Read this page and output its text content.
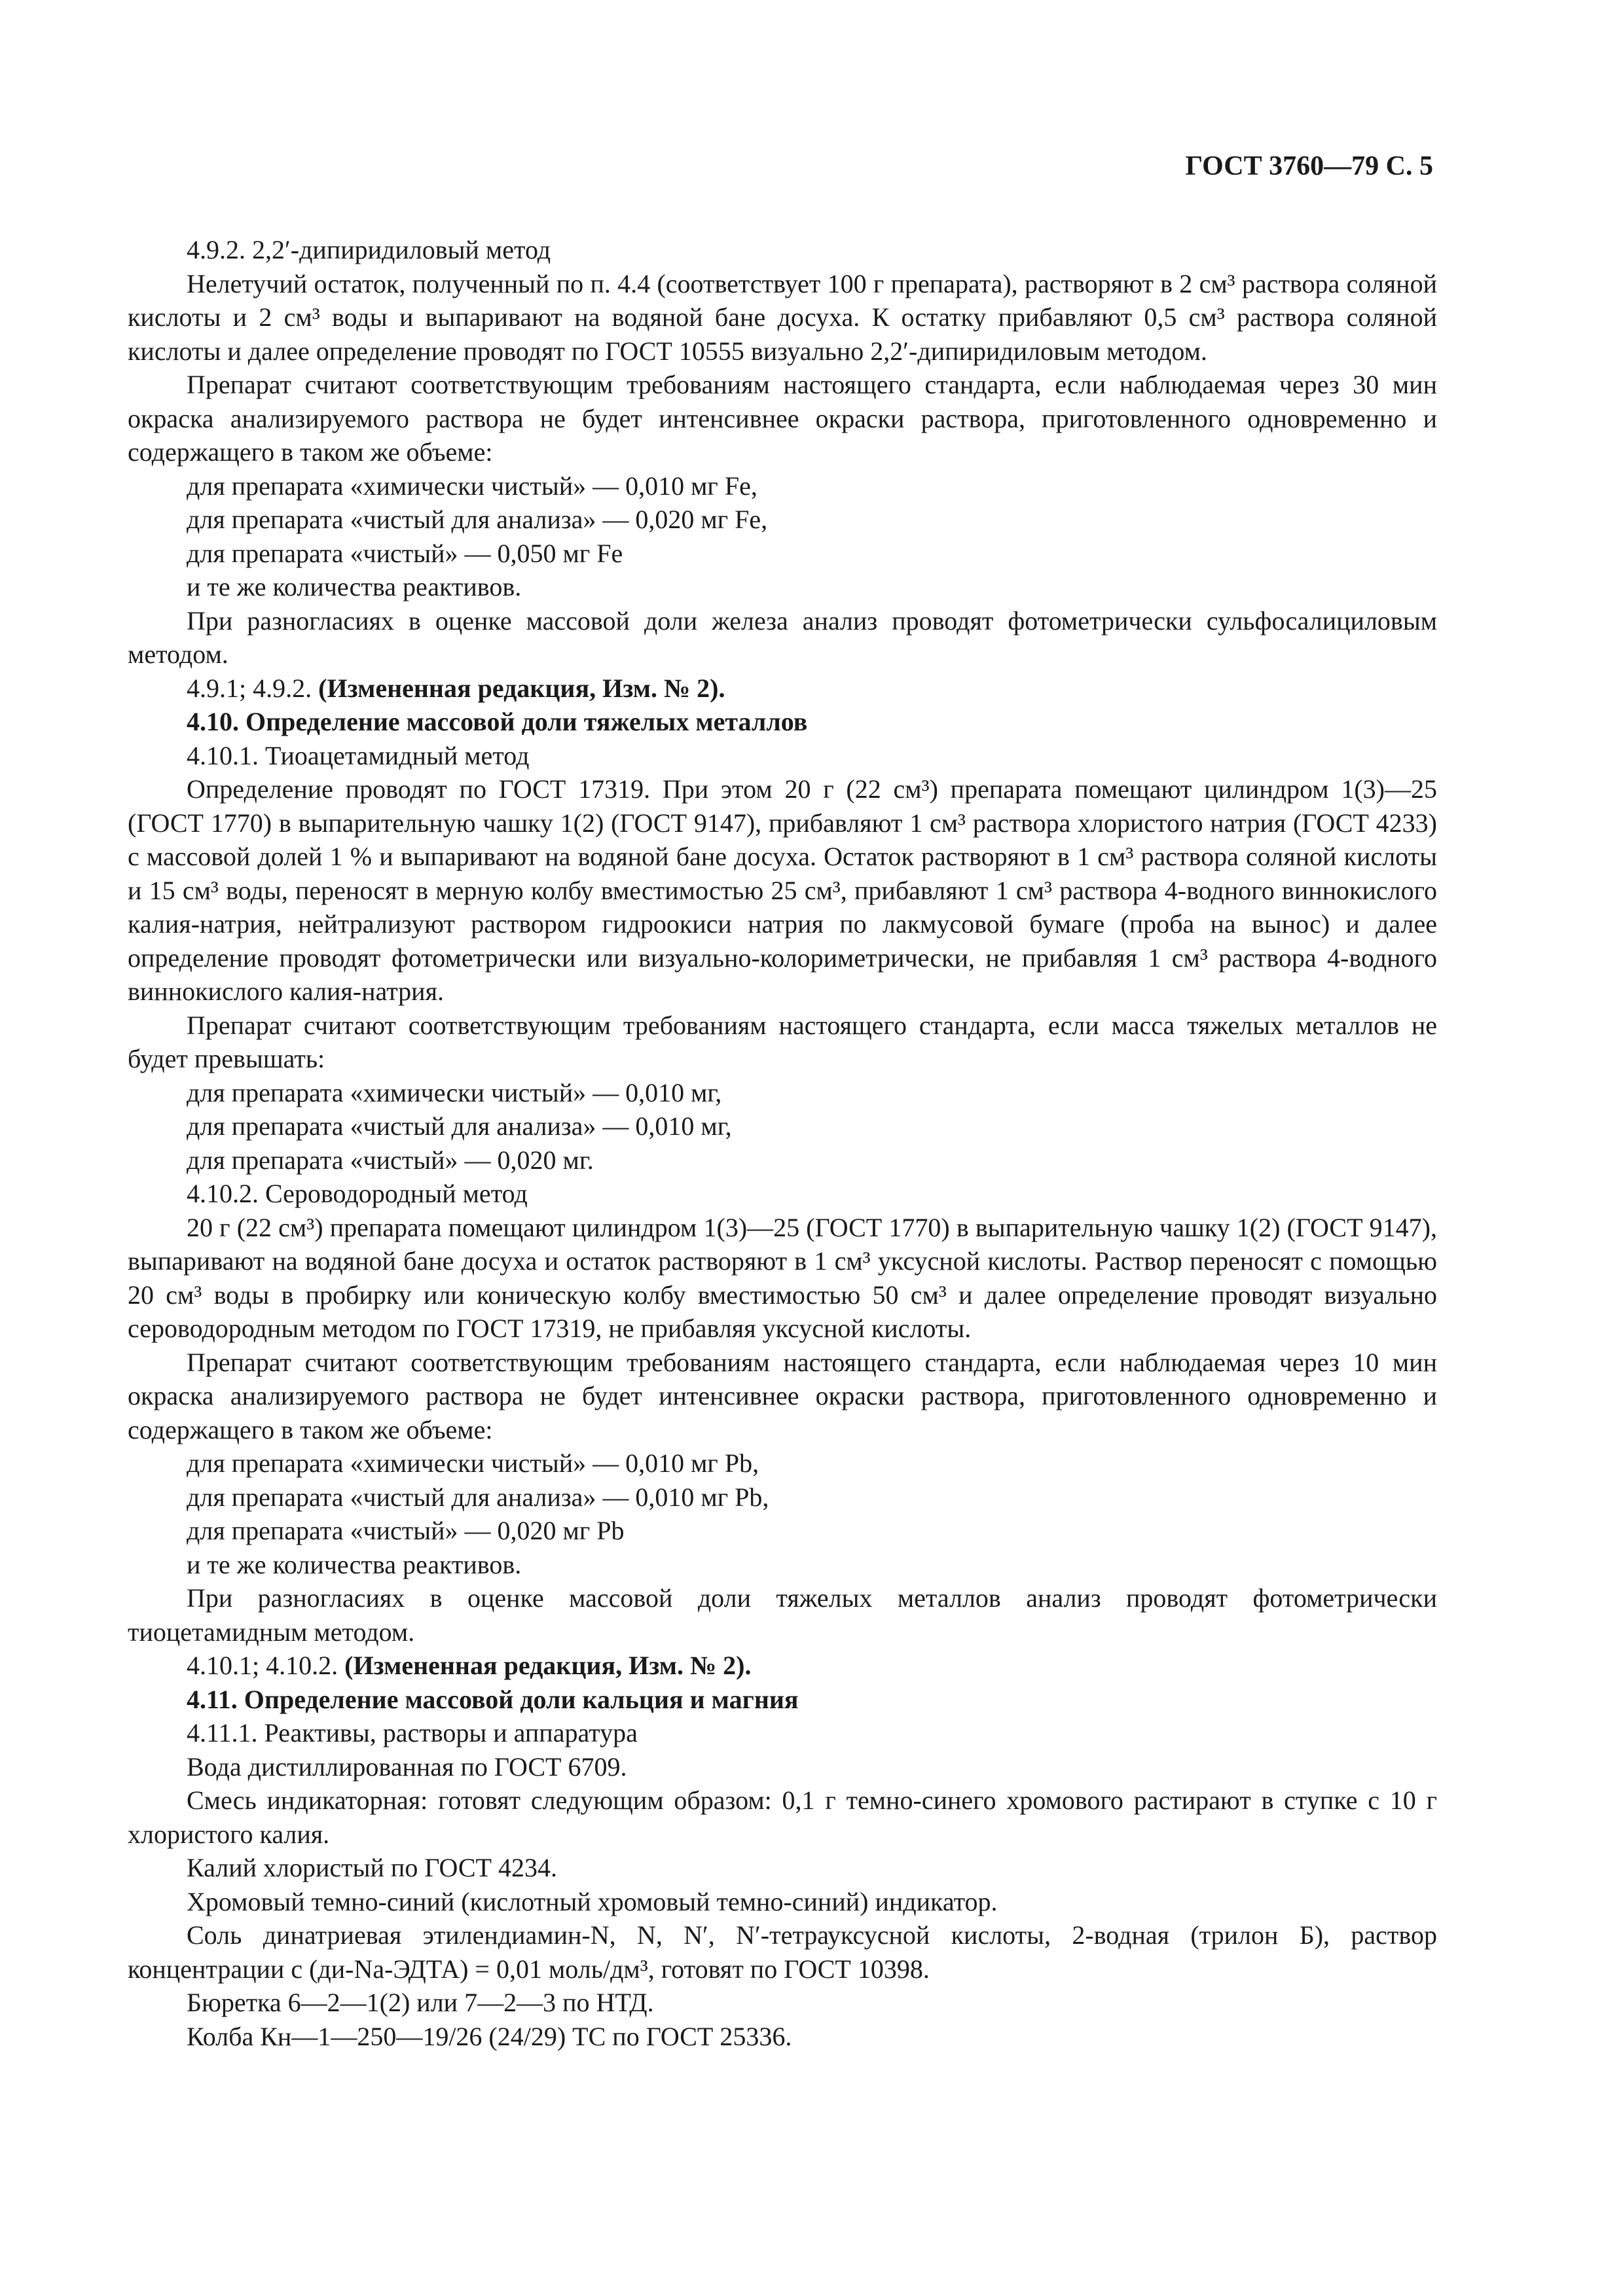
ГОСТ 3760—79 С. 5

4.9.2. 2,2′-дипиридиловый метод

Нелетучий остаток, полученный по п. 4.4 (соответствует 100 г препарата), растворяют в 2 см³ раствора соляной кислоты и 2 см³ воды и выпаривают на водяной бане досуха. К остатку прибавляют 0,5 см³ раствора соляной кислоты и далее определение проводят по ГОСТ 10555 визуально 2,2′-дипиридиловым методом.

Препарат считают соответствующим требованиям настоящего стандарта, если наблюдаемая через 30 мин окраска анализируемого раствора не будет интенсивнее окраски раствора, приготовленного одновременно и содержащего в таком же объеме:

для препарата «химически чистый» — 0,010 мг Fe,

для препарата «чистый для анализа» — 0,020 мг Fe,

для препарата «чистый» — 0,050 мг Fe

и те же количества реактивов.

При разногласиях в оценке массовой доли железа анализ проводят фотометрически сульфосалициловым методом.

4.9.1; 4.9.2. (Измененная редакция, Изм. № 2).

4.10. Определение массовой доли тяжелых металлов

4.10.1. Тиоацетамидный метод

Определение проводят по ГОСТ 17319. При этом 20 г (22 см³) препарата помещают цилиндром 1(3)—25 (ГОСТ 1770) в выпарительную чашку 1(2) (ГОСТ 9147), прибавляют 1 см³ раствора хлористого натрия (ГОСТ 4233) с массовой долей 1 % и выпаривают на водяной бане досуха. Остаток растворяют в 1 см³ раствора соляной кислоты и 15 см³ воды, переносят в мерную колбу вместимостью 25 см³, прибавляют 1 см³ раствора 4-водного виннокислого калия-натрия, нейтрализуют раствором гидроокиси натрия по лакмусовой бумаге (проба на вынос) и далее определение проводят фотометрически или визуально-колориметрически, не прибавляя 1 см³ раствора 4-водного виннокислого калия-натрия.

Препарат считают соответствующим требованиям настоящего стандарта, если масса тяжелых металлов не будет превышать:

для препарата «химически чистый» — 0,010 мг,

для препарата «чистый для анализа» — 0,010 мг,

для препарата «чистый» — 0,020 мг.

4.10.2. Сероводородный метод

20 г (22 см³) препарата помещают цилиндром 1(3)—25 (ГОСТ 1770) в выпарительную чашку 1(2) (ГОСТ 9147), выпаривают на водяной бане досуха и остаток растворяют в 1 см³ уксусной кислоты. Раствор переносят с помощью 20 см³ воды в пробирку или коническую колбу вместимостью 50 см³ и далее определение проводят визуально сероводородным методом по ГОСТ 17319, не прибавляя уксусной кислоты.

Препарат считают соответствующим требованиям настоящего стандарта, если наблюдаемая через 10 мин окраска анализируемого раствора не будет интенсивнее окраски раствора, приготовленного одновременно и содержащего в таком же объеме:

для препарата «химически чистый» — 0,010 мг Pb,

для препарата «чистый для анализа» — 0,010 мг Pb,

для препарата «чистый» — 0,020 мг Pb

и те же количества реактивов.

При разногласиях в оценке массовой доли тяжелых металлов анализ проводят фотометрически тиоцетамидным методом.

4.10.1; 4.10.2. (Измененная редакция, Изм. № 2).

4.11. Определение массовой доли кальция и магния

4.11.1. Реактивы, растворы и аппаратура

Вода дистиллированная по ГОСТ 6709.

Смесь индикаторная: готовят следующим образом: 0,1 г темно-синего хромового растирают в ступке с 10 г хлористого калия.

Калий хлористый по ГОСТ 4234.

Хромовый темно-синий (кислотный хромовый темно-синий) индикатор.

Соль динатриевая этилендиамин-N, N, N′, N′-тетрауксусной кислоты, 2-водная (трилон Б), раствор концентрации с (ди-Na-ЭДТА) = 0,01 моль/дм³, готовят по ГОСТ 10398.

Бюретка 6—2—1(2) или 7—2—3 по НТД.

Колба Кн—1—250—19/26 (24/29) ТС по ГОСТ 25336.
